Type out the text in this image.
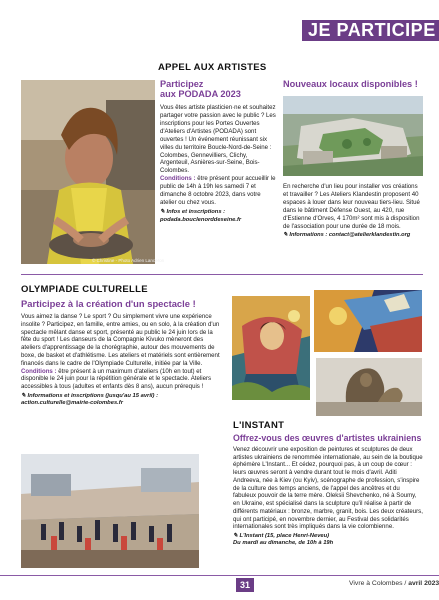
JE PARTICIPE
APPEL AUX ARTISTES
© Christine - Photo Adrien Lanceron
Participez
aux PODADA 2023

Vous êtes artiste plasticien·ne et souhaitez partager votre passion avec le public ? Les inscriptions pour les Portes Ouvertes d'Ateliers d'Artistes (PODADA) sont ouvertes ! Un événement réunissant six villes du territoire Boucle-Nord-de-Seine : Colombes, Gennevilliers, Clichy, Argenteuil, Asnières-sur-Seine, Bois-Colombes.

Conditions : être présent pour accueillir le public de 14h à 19h les samedi 7 et dimanche 8 octobre 2023, dans votre atelier ou chez vous.

✎ Infos et inscriptions :
podada.bouclenorddeseine.fr

Nouveaux locaux disponibles !

En recherche d'un lieu pour installer vos créations et travailler ? Les Ateliers Klandestin proposent 40 espaces à louer dans leur nouveau tiers-lieu. Situé dans le bâtiment Défense Ouest, au 420, rue d'Estienne d'Orves, 4 170m² sont mis à disposition de l'association pour une durée de 18 mois.

✎ Informations : contact@atelierklandestin.org

OLYMPIADE CULTURELLE
Participez à la création d'un spectacle !

Vous aimez la danse ? Le sport ? Ou simplement vivre une expérience insolite ? Participez, en famille, entre amies, ou en solo, à la création d'un spectacle mêlant danse et sport, présenté au public le 24 juin lors de la fête du sport ! Les danseurs de la Compagnie Kivuko mèneront des ateliers d'apprentissage de la chorégraphie, autour des mouvements de boxe, de basket et d'athlétisme. Les ateliers et matériels sont entièrement financés dans le cadre de l'Olympiade Culturelle, initiée par la Ville.

Conditions : être présent à un maximum d'ateliers (10h en tout) et disponible le 24 juin pour la répétition générale et le spectacle. Ateliers accessibles à tous (adultes et enfants dès 8 ans), aucun prérequis !

✎ Informations et inscriptions (jusqu'au 15 avril) :
action.culturelle@mairie-colombes.fr

L'INSTANT
Offrez-vous des œuvres d'artistes ukrainiens

Venez découvrir une exposition de peintures et sculptures de deux artistes ukrainiens de renommée internationale, au sein de la boutique éphémère L'Instant... Et cédez, pourquoi pas, à un coup de cœur : leurs œuvres seront à vendre durant tout le mois d'avril. Aditi Andreeva, née à Kiev (ou Kyiv), scénographe de profession, s'inspire de la culture des temps anciens, de l'appel des ancêtres et du fabuleux pouvoir de la terre mère. Oleksii Shevchenko, né à Soumy, en Ukraine, est spécialisé dans la sculpture qu'il réalise à partir de différents matériaux : bronze, marbre, granit, bois. Les deux créateurs, qui ont participé, en novembre dernier, au Festival des solidarités internationales sont très impliqués dans la vie colombienne.

✎ L'Instant (15, place Henri-Neveu)
Du mardi au dimanche, de 10h à 19h

31	Vivre à Colombes / avril 2023
